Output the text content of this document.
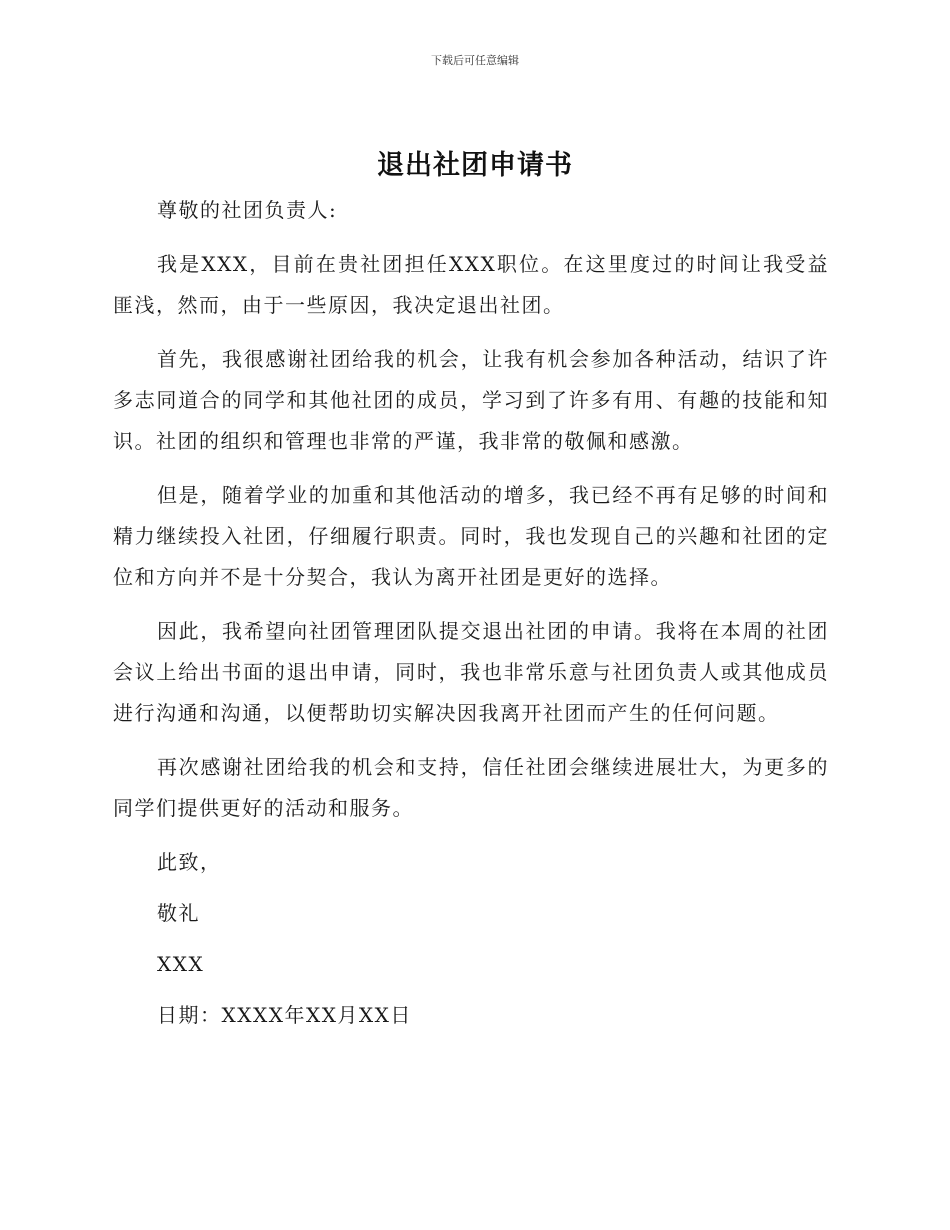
下载后可任意编辑
退出社团申请书

尊敬的社团负责人:

我是XXX，目前在贵社团担任XXX职位。在这里度过的时间让我受益匪浅，然而，由于一些原因，我决定退出社团。

首先，我很感谢社团给我的机会，让我有机会参加各种活动，结识了许多志同道合的同学和其他社团的成员，学习到了许多有用、有趣的技能和知识。社团的组织和管理也非常的严谨，我非常的敬佩和感激。

但是，随着学业的加重和其他活动的增多，我已经不再有足够的时间和精力继续投入社团，仔细履行职责。同时，我也发现自己的兴趣和社团的定位和方向并不是十分契合，我认为离开社团是更好的选择。

因此，我希望向社团管理团队提交退出社团的申请。我将在本周的社团会议上给出书面的退出申请，同时，我也非常乐意与社团负责人或其他成员进行沟通和沟通，以便帮助切实解决因我离开社团而产生的任何问题。

再次感谢社团给我的机会和支持，信任社团会继续进展壮大，为更多的同学们提供更好的活动和服务。

此致，

敬礼

XXX

日期：XXXX年XX月XX日
